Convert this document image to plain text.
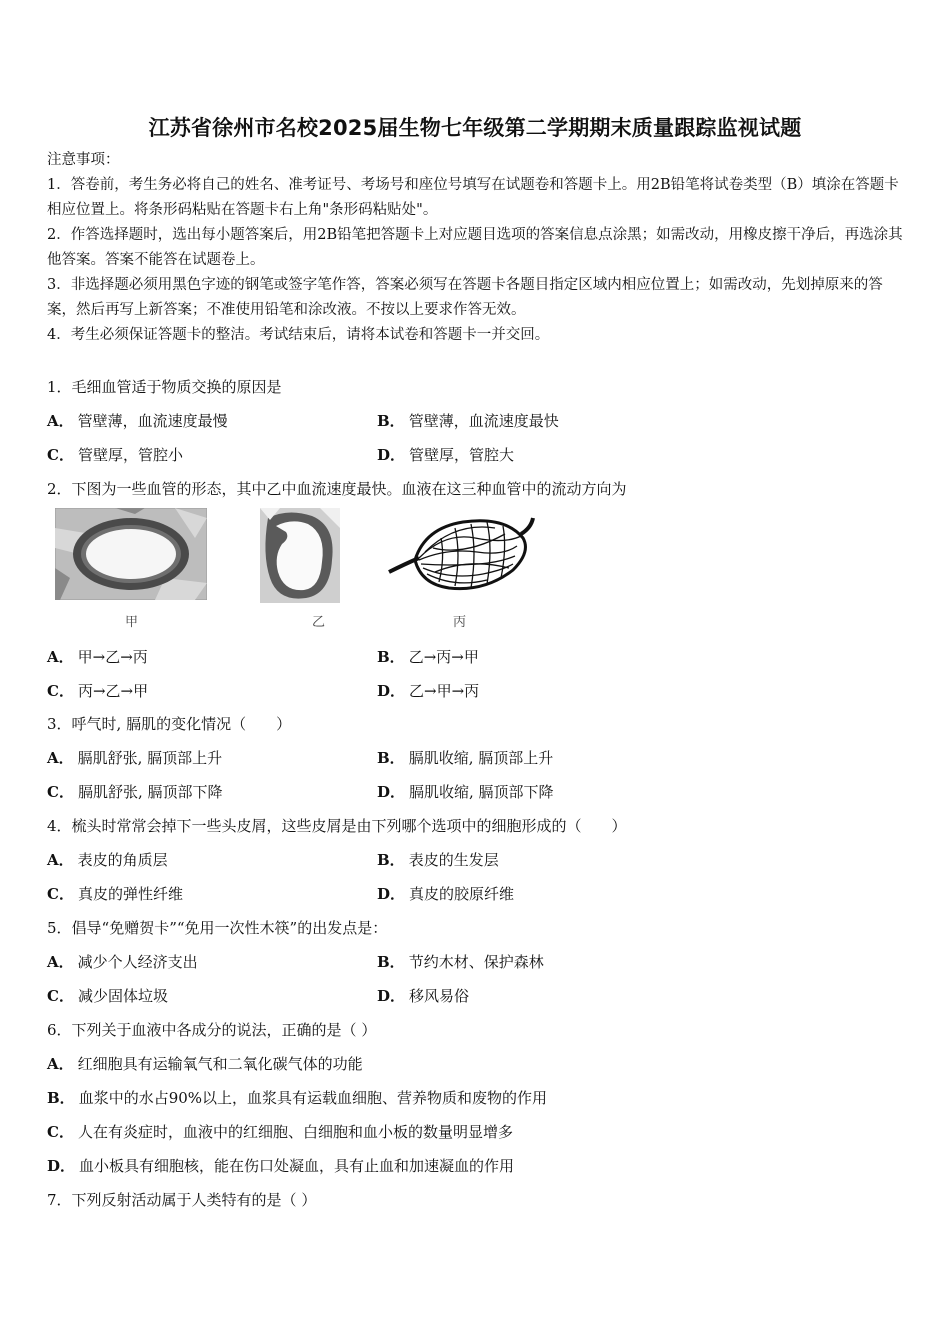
江苏省徐州市名校2025届生物七年级第二学期期末质量跟踪监视试题

注意事项：

1．答卷前，考生务必将自己的姓名、准考证号、考场号和座位号填写在试题卷和答题卡上。用2B铅笔将试卷类型（B）填涂在答题卡相应位置上。将条形码粘贴在答题卡右上角"条形码粘贴处"。

2．作答选择题时，选出每小题答案后，用2B铅笔把答题卡上对应题目选项的答案信息点涂黑；如需改动，用橡皮擦干净后，再选涂其他答案。答案不能答在试题卷上。

3．非选择题必须用黑色字迹的钢笔或签字笔作答，答案必须写在答题卡各题目指定区域内相应位置上；如需改动，先划掉原来的答案，然后再写上新答案；不准使用铅笔和涂改液。不按以上要求作答无效。

4．考生必须保证答题卡的整洁。考试结束后，请将本试卷和答题卡一并交回。

1．毛细血管适于物质交换的原因是
A． 管壁薄，血流速度最慢	B． 管壁薄，血流速度最快
C． 管壁厚，管腔小	D． 管壁厚，管腔大
2．下图为一些血管的形态，其中乙中血流速度最快。血液在这三种血管中的流动方向为
甲	乙	丙
A． 甲→乙→丙	B． 乙→丙→甲
C． 丙→乙→甲	D． 乙→甲→丙
3．呼气时, 膈肌的变化情况（　　）
A． 膈肌舒张, 膈顶部上升	B． 膈肌收缩, 膈顶部上升
C． 膈肌舒张, 膈顶部下降	D． 膈肌收缩, 膈顶部下降
4．梳头时常常会掉下一些头皮屑，这些皮屑是由下列哪个选项中的细胞形成的（　　）
A． 表皮的角质层	B． 表皮的生发层
C． 真皮的弹性纤维	D． 真皮的胶原纤维
5．倡导“免赠贺卡”“免用一次性木筷”的出发点是：
A． 减少个人经济支出	B． 节约木材、保护森林
C． 减少固体垃圾	D． 移风易俗
6．下列关于血液中各成分的说法，正确的是（ ）
A． 红细胞具有运输氧气和二氧化碳气体的功能
B． 血浆中的水占90%以上，血浆具有运载血细胞、营养物质和废物的作用
C． 人在有炎症时，血液中的红细胞、白细胞和血小板的数量明显增多
D． 血小板具有细胞核，能在伤口处凝血，具有止血和加速凝血的作用
7．下列反射活动属于人类特有的是（ ）
